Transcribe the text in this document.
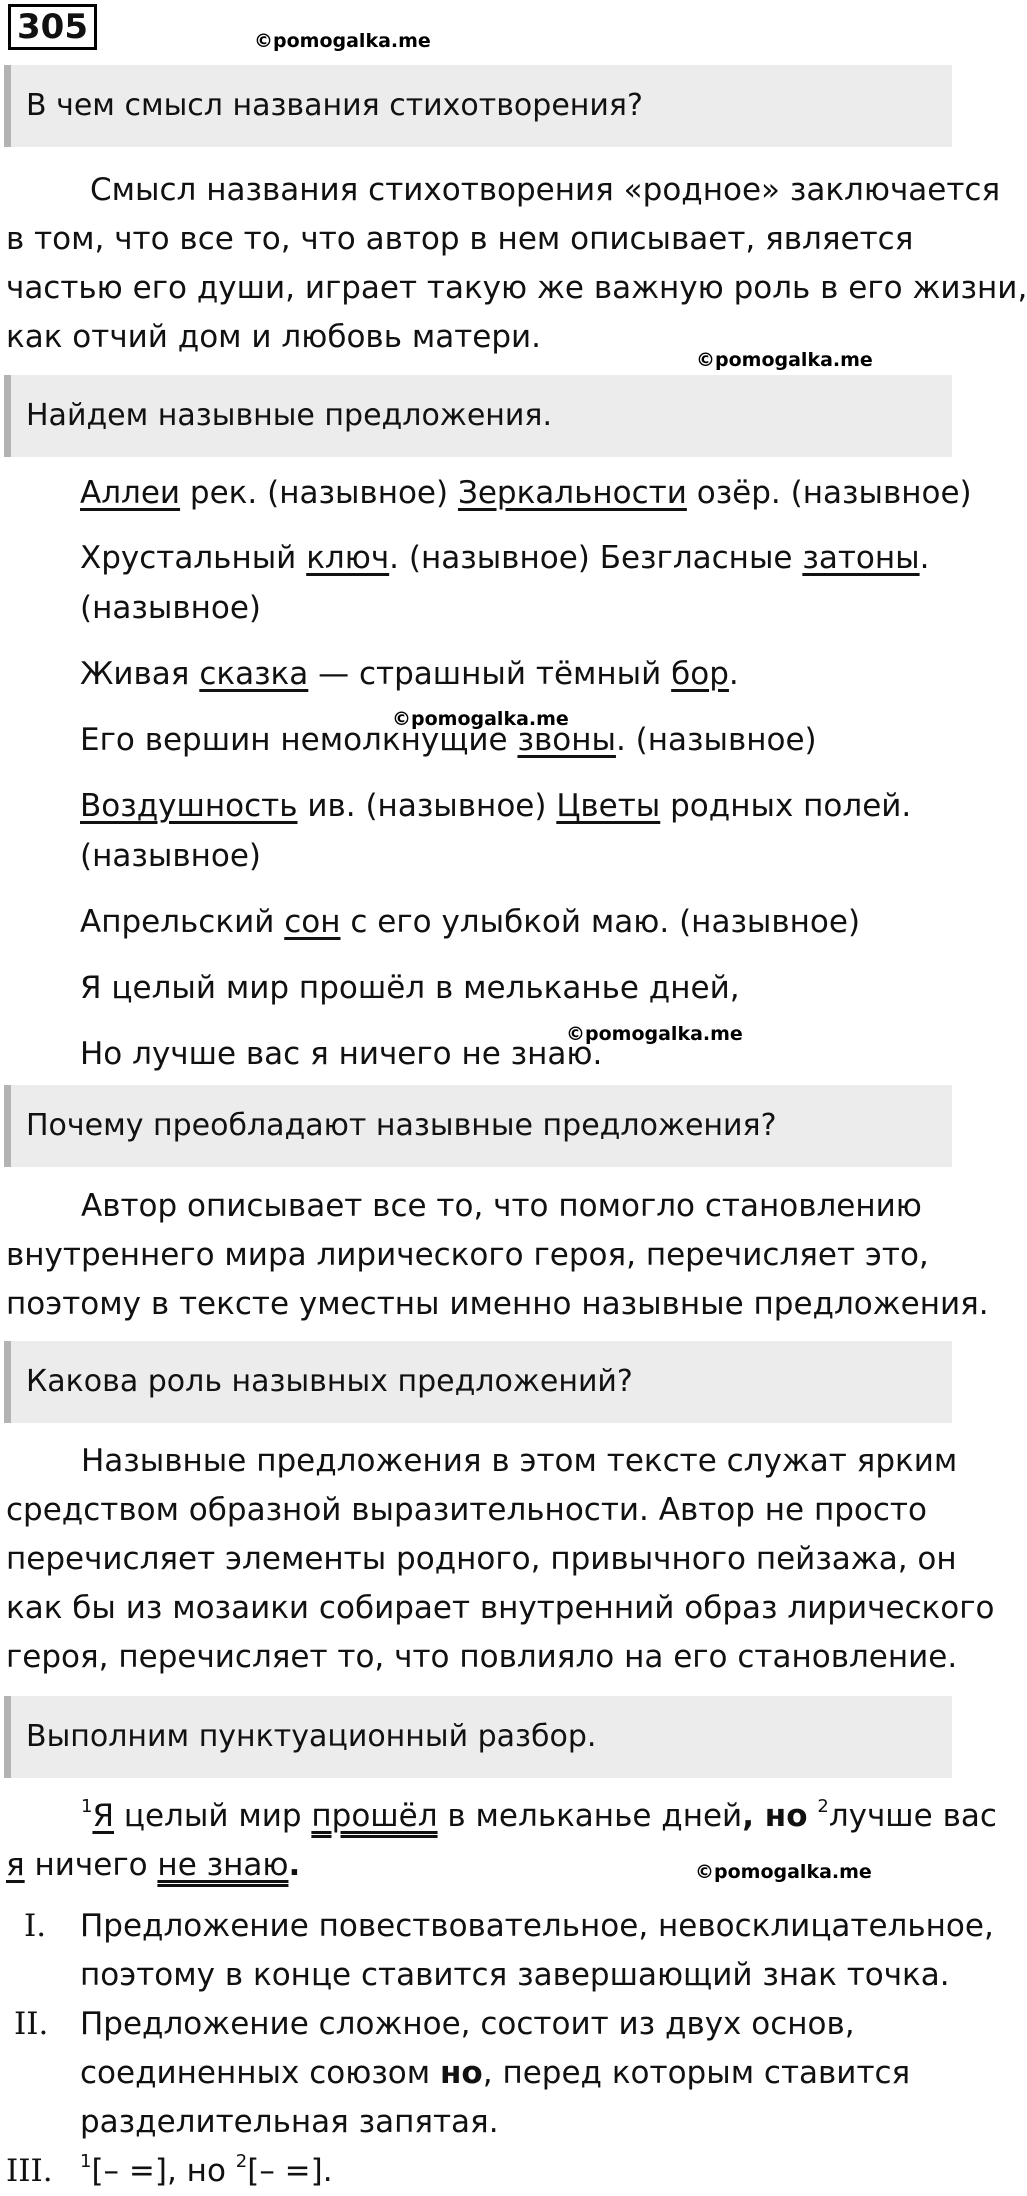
305	©pomogalka.me
В чем смысл названия стихотворения?
Смысл названия стихотворения «родное» заключается
в том, что все то, что автор в нем описывает, является
частью его души, играет такую же важную роль в его жизни,
как отчий дом и любовь матери.
©pomogalka.me
Найдем назывные предложения.
Аллеи рек. (назывное) Зеркальности озёр. (назывное)
Хрустальный ключ. (назывное) Безгласные затоны.
(назывное)
Живая сказка — страшный тёмный бор.
Его вершин немолкнущие звоны. (назывное)
Воздушность ив. (назывное) Цветы родных полей.
(назывное)
Апрельский сон с его улыбкой маю. (назывное)
Я целый мир прошёл в мельканье дней,
Но лучше вас я ничего не знаю.
©pomogalka.me
©pomogalka.me
Почему преобладают назывные предложения?
Автор описывает все то, что помогло становлению
внутреннего мира лирического героя, перечисляет это,
поэтому в тексте уместны именно назывные предложения.
Какова роль назывных предложений?
Назывные предложения в этом тексте служат ярким
средством образной выразительности. Автор не просто
перечисляет элементы родного, привычного пейзажа, он
как бы из мозаики собирает внутренний образ лирического
героя, перечисляет то, что повлияло на его становление.
Выполним пунктуационный разбор.
$^1$Я целый мир прошёл в мельканье дней, но $^2$лучше вас
я ничего не знаю.	©pomogalka.me
I.	Предложение повествовательное, невосклицательное,
поэтому в конце ставится завершающий знак точка.
II.	Предложение сложное, состоит из двух основ,
соединенных союзом но, перед которым ставится
разделительная запятая.
III.	$^1$[– =], но $^2$[– =].
